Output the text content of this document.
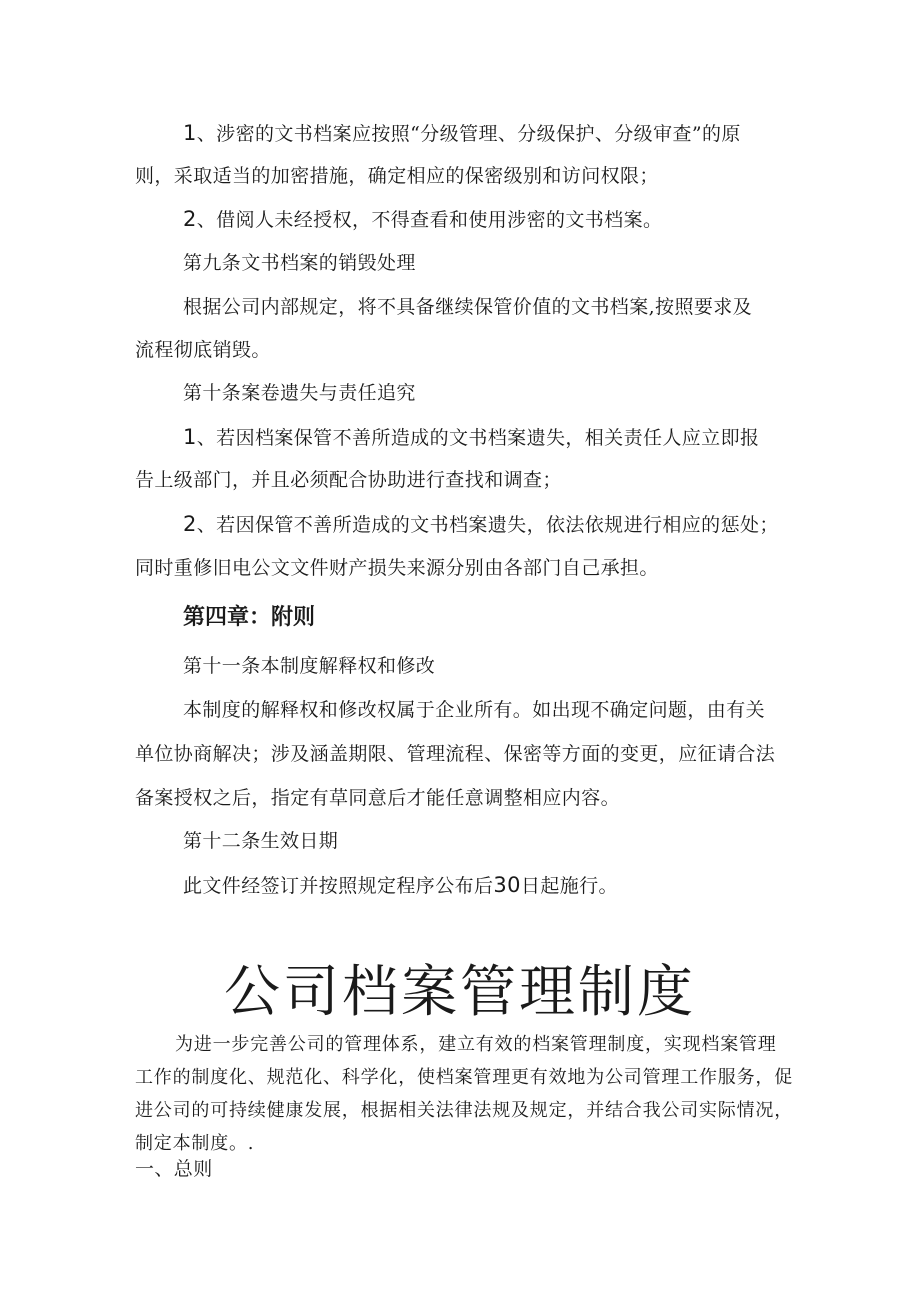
1、涉密的文书档案应按照“分级管理、分级保护、分级审查”的原
则，采取适当的加密措施，确定相应的保密级别和访问权限；
2、借阅人未经授权，不得查看和使用涉密的文书档案。
第九条文书档案的销毁处理
根据公司内部规定，将不具备继续保管价值的文书档案,按照要求及
流程彻底销毁。
第十条案卷遗失与责任追究
1、若因档案保管不善所造成的文书档案遗失，相关责任人应立即报
告上级部门，并且必须配合协助进行查找和调查；
2、若因保管不善所造成的文书档案遗失，依法依规进行相应的惩处；
同时重修旧电公文文件财产损失来源分别由各部门自己承担。
第四章：附则
第十一条本制度解释权和修改
本制度的解释权和修改权属于企业所有。如出现不确定问题，由有关
单位协商解决；涉及涵盖期限、管理流程、保密等方面的变更，应征请合法
备案授权之后，指定有草同意后才能任意调整相应内容。
第十二条生效日期
此文件经签订并按照规定程序公布后30日起施行。
公司档案管理制度
为进一步完善公司的管理体系，建立有效的档案管理制度，实现档案管理工作的制度化、规范化、科学化，使档案管理更有效地为公司管理工作服务，促进公司的可持续健康发展，根据相关法律法规及规定，并结合我公司实际情况，制定本制度。.
一、总则
